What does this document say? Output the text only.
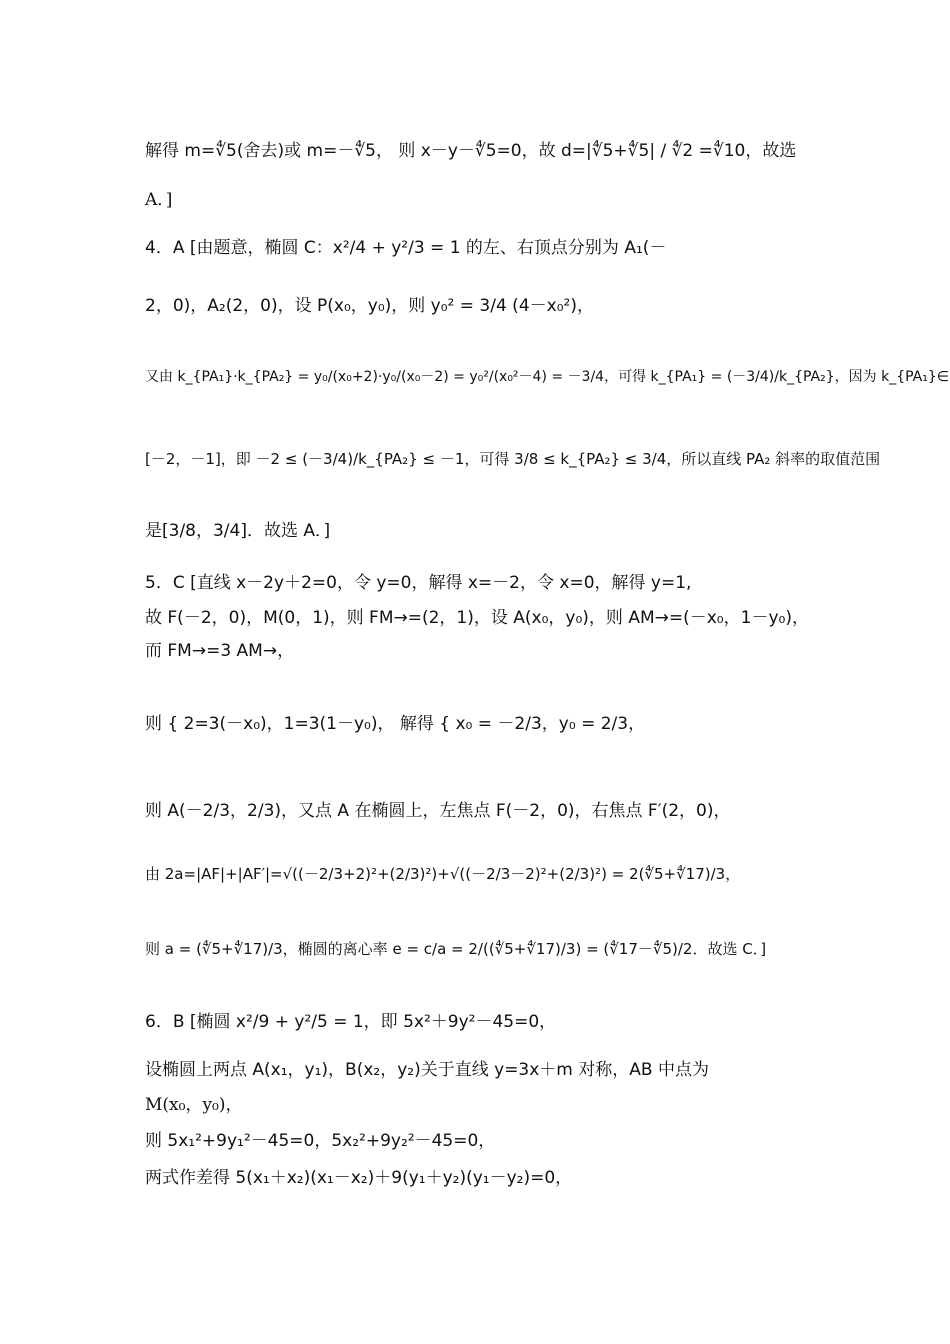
解得 m=∜5(舍去)或 m=－∜5， 则 x－y－∜5=0，故 d=|∜5+∜5| / ∜2 =∜10，故选
A．]
4．A [由题意，椭圆 C：x²/4 + y²/3 = 1 的左、右顶点分别为 A₁(－
2，0)，A₂(2，0)，设 P(x₀，y₀)，则 y₀² = 3/4 (4－x₀²)，
又由 k_{PA₁}·k_{PA₂} = y₀/(x₀+2)·y₀/(x₀－2) = y₀²/(x₀²－4) = －3/4，可得 k_{PA₁} = (－3/4)/k_{PA₂}，因为 k_{PA₁}∈
[－2，－1]，即 －2 ≤ (－3/4)/k_{PA₂} ≤ －1，可得 3/8 ≤ k_{PA₂} ≤ 3/4，所以直线 PA₂ 斜率的取值范围
是[3/8，3/4]．故选 A．]
5．C [直线 x－2y＋2=0，令 y=0，解得 x=－2，令 x=0，解得 y=1,
故 F(－2，0)，M(0，1)，则 FM→=(2，1)，设 A(x₀，y₀)，则 AM→=(－x₀，1－y₀)，
而 FM→=3 AM→，
则 { 2=3(－x₀)，1=3(1－y₀)， 解得 { x₀ = －2/3，y₀ = 2/3，
则 A(－2/3，2/3)，又点 A 在椭圆上，左焦点 F(－2，0)，右焦点 F′(2，0)，
由 2a=|AF|+|AF′|=√((－2/3+2)²+(2/3)²)+√((－2/3－2)²+(2/3)²) = 2(∜5+∜17)/3，
则 a = (∜5+∜17)/3，椭圆的离心率 e = c/a = 2/((∜5+∜17)/3) = (∜17－∜5)/2．故选 C．]
6．B [椭圆 x²/9 + y²/5 = 1，即 5x²＋9y²－45=0，
设椭圆上两点 A(x₁，y₁)，B(x₂，y₂)关于直线 y=3x＋m 对称，AB 中点为
M(x₀，y₀)，
则 5x₁²+9y₁²－45=0，5x₂²+9y₂²－45=0，
两式作差得 5(x₁＋x₂)(x₁－x₂)＋9(y₁＋y₂)(y₁－y₂)=0，
